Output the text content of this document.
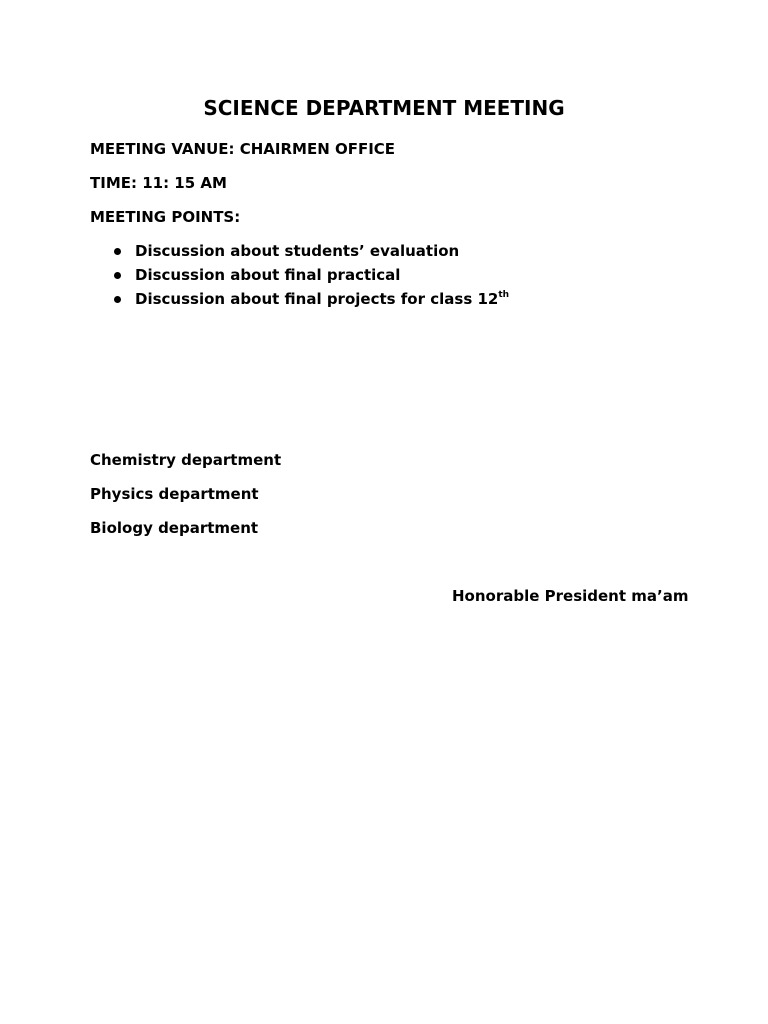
SCIENCE DEPARTMENT MEETING
MEETING VANUE: CHAIRMEN OFFICE
TIME: 11: 15 AM
MEETING POINTS:
Discussion about students’ evaluation
Discussion about final practical
Discussion about final projects for class 12th
Chemistry department
Physics department
Biology department
Honorable President ma’am
